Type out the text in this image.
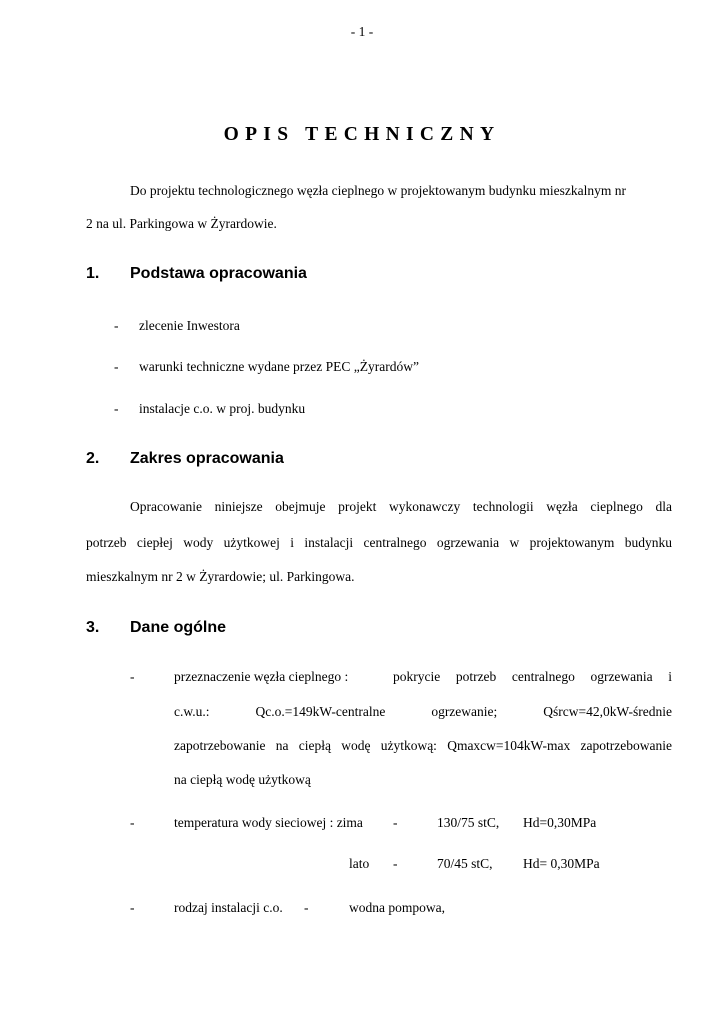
- 1 -
OPIS TECHNICZNY
Do projektu technologicznego węzła cieplnego w projektowanym budynku mieszkalnym nr
2 na ul. Parkingowa w Żyrardowie.
1. Podstawa opracowania
- zlecenie Inwestora
- warunki techniczne wydane przez PEC „Żyrardów”
- instalacje c.o. w proj. budynku
2. Zakres opracowania
Opracowanie niniejsze obejmuje projekt wykonawczy technologii węzła cieplnego dla
potrzeb ciepłej wody użytkowej i instalacji centralnego ogrzewania w projektowanym budynku
mieszkalnym nr 2 w Żyrardowie; ul. Parkingowa.
3. Dane ogólne
-	przeznaczenie węzła cieplnego :	pokrycie potrzeb centralnego ogrzewania i
c.w.u.: Qc.o.=149kW-centralne ogrzewanie; Qśrcw=42,0kW-średnie
zapotrzebowanie na ciepłą wodę użytkową: Qmaxcw=104kW-max zapotrzebowanie
na ciepłą wodę użytkową
-	temperatura wody sieciowej : zima -	130/75 stC, Hd=0,30MPa
lato -	70/45 stC, Hd= 0,30MPa
-	rodzaj instalacji c.o. -	wodna pompowa,
